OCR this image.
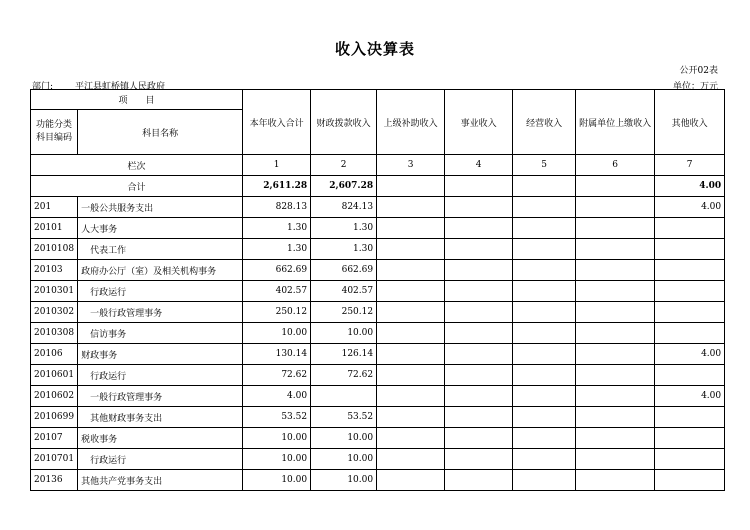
收入决算表
公开02表
部门: 平江县虹桥镇人民政府	单位：万元
项　　目		本年收入合计	财政拨款收入	上级补助收入	事业收入	经营收入	附属单位上缴收入	其他收入
功能分类
科目编码	科目名称							
栏次		1	2	3	4	5	6	7
合计		2,611.28	2,607.28					4.00
201	一般公共服务支出	828.13	824.13					4.00
20101	人大事务	1.30	1.30					
2010108	代表工作	1.30	1.30					
20103	政府办公厅（室）及相关机构事务	662.69	662.69					
2010301	行政运行	402.57	402.57					
2010302	一般行政管理事务	250.12	250.12					
2010308	信访事务	10.00	10.00					
20106	财政事务	130.14	126.14					4.00
2010601	行政运行	72.62	72.62					
2010602	一般行政管理事务	4.00						4.00
2010699	其他财政事务支出	53.52	53.52					
20107	税收事务	10.00	10.00					
2010701	行政运行	10.00	10.00					
20136	其他共产党事务支出	10.00	10.00					
